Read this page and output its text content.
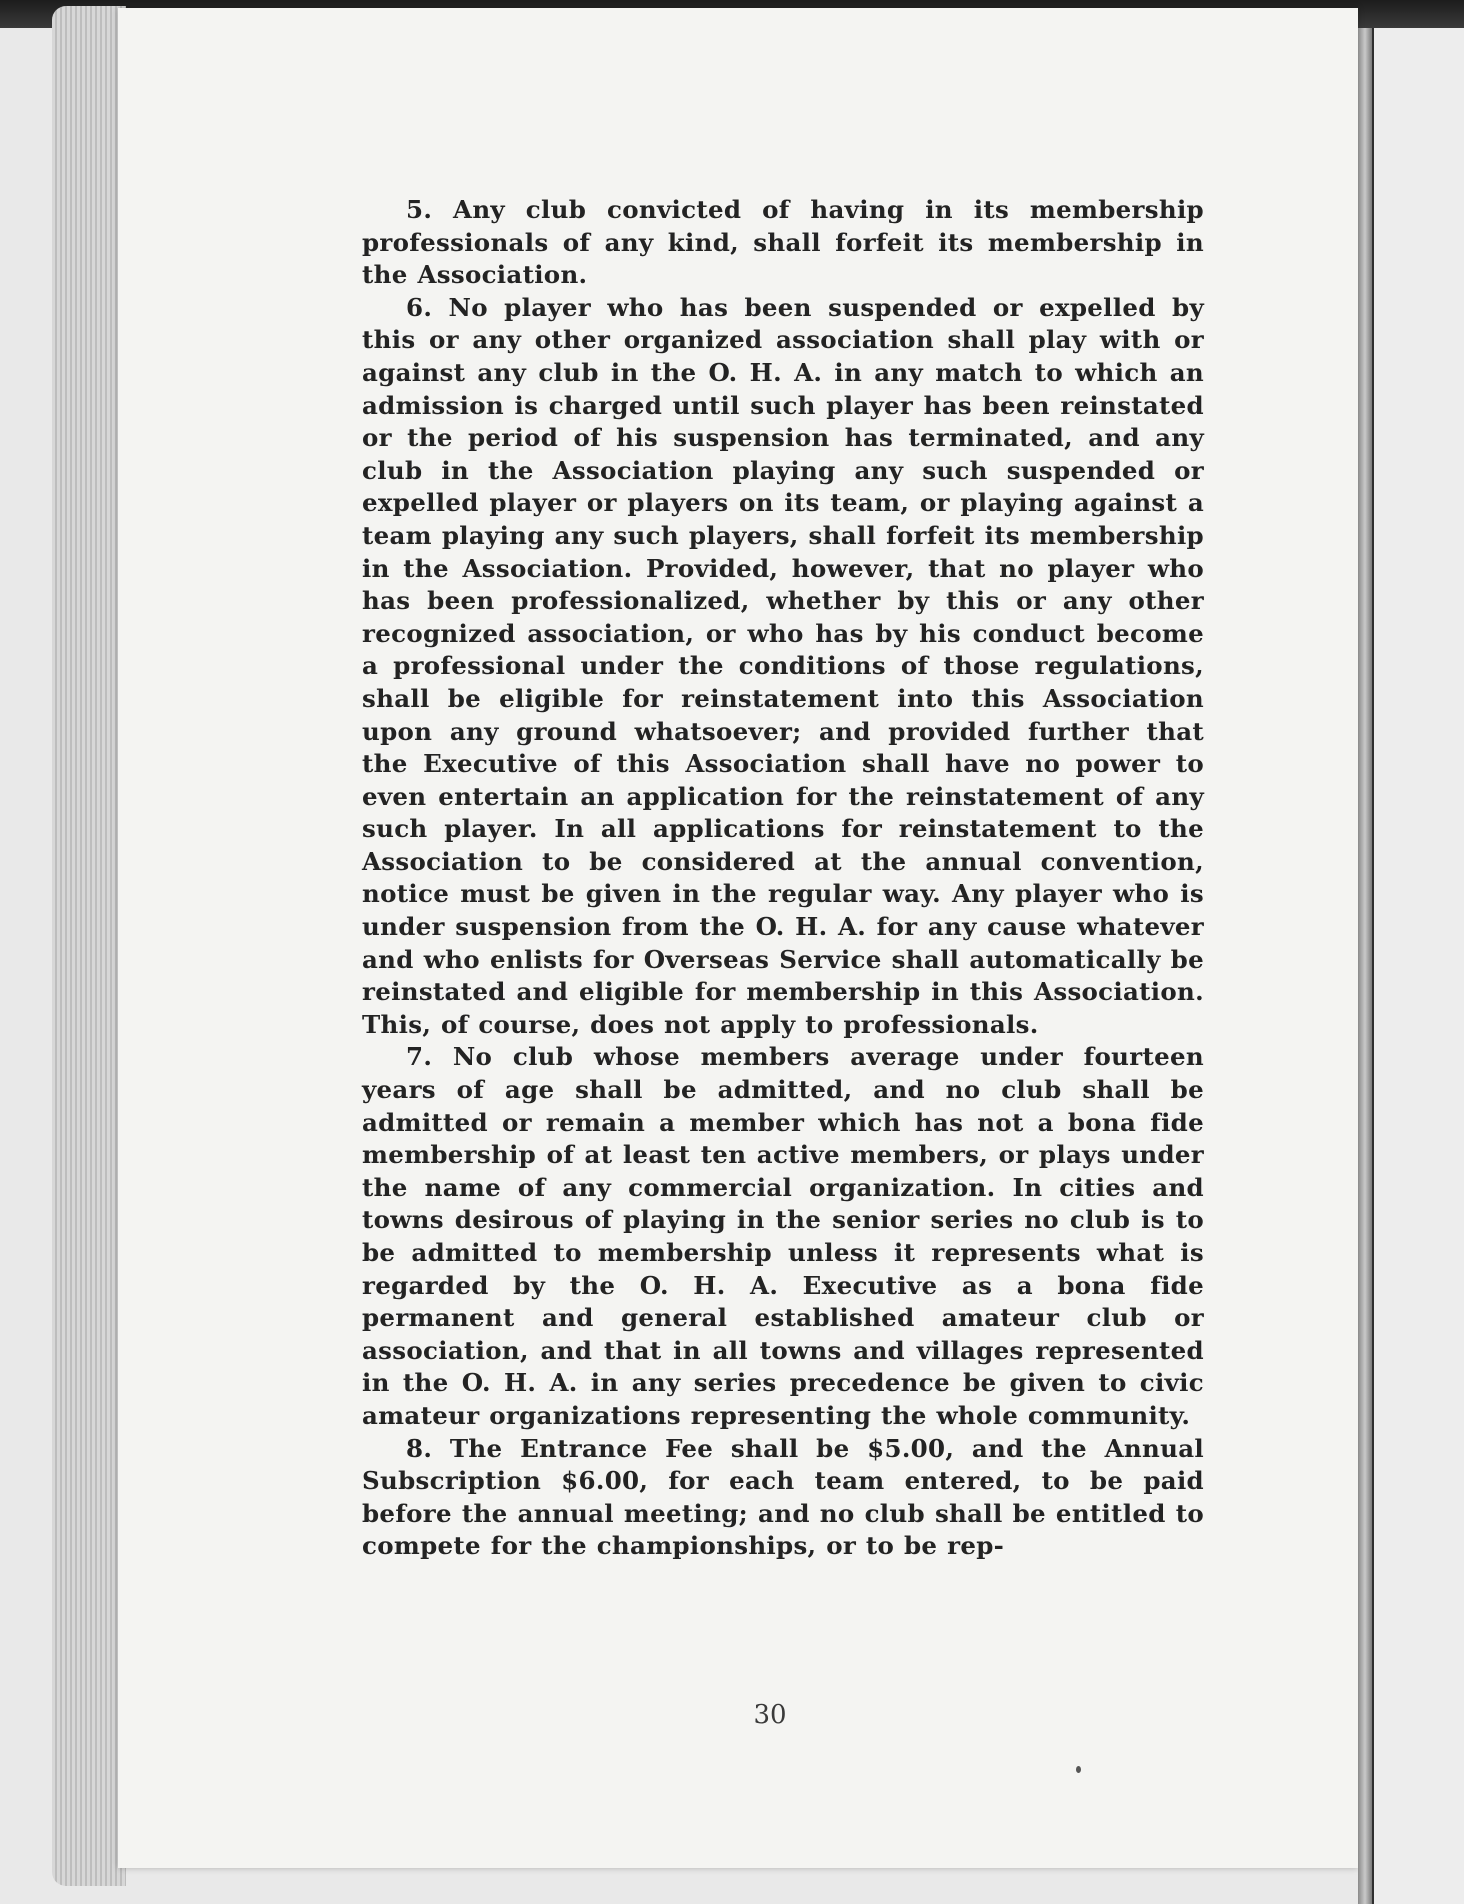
5. Any club convicted of having in its membership professionals of any kind, shall forfeit its membership in the Association.

6. No player who has been suspended or expelled by this or any other organized association shall play with or against any club in the O. H. A. in any match to which an admission is charged until such player has been reinstated or the period of his suspension has terminated, and any club in the Association playing any such suspended or expelled player or players on its team, or playing against a team playing any such players, shall forfeit its membership in the Association. Provided, however, that no player who has been professionalized, whether by this or any other recognized association, or who has by his conduct become a professional under the conditions of those regulations, shall be eligible for reinstatement into this Association upon any ground whatsoever; and provided further that the Executive of this Association shall have no power to even entertain an application for the reinstatement of any such player. In all applications for reinstatement to the Association to be considered at the annual convention, notice must be given in the regular way. Any player who is under suspension from the O. H. A. for any cause whatever and who enlists for Overseas Service shall automatically be reinstated and eligible for membership in this Association. This, of course, does not apply to professionals.

7. No club whose members average under fourteen years of age shall be admitted, and no club shall be admitted or remain a member which has not a bona fide membership of at least ten active members, or plays under the name of any commercial organization. In cities and towns desirous of playing in the senior series no club is to be admitted to membership unless it represents what is regarded by the O. H. A. Executive as a bona fide permanent and general established amateur club or association, and that in all towns and villages represented in the O. H. A. in any series precedence be given to civic amateur organizations representing the whole community.

8. The Entrance Fee shall be $5.00, and the Annual Subscription $6.00, for each team entered, to be paid before the annual meeting; and no club shall be entitled to compete for the championships, or to be rep-

30
